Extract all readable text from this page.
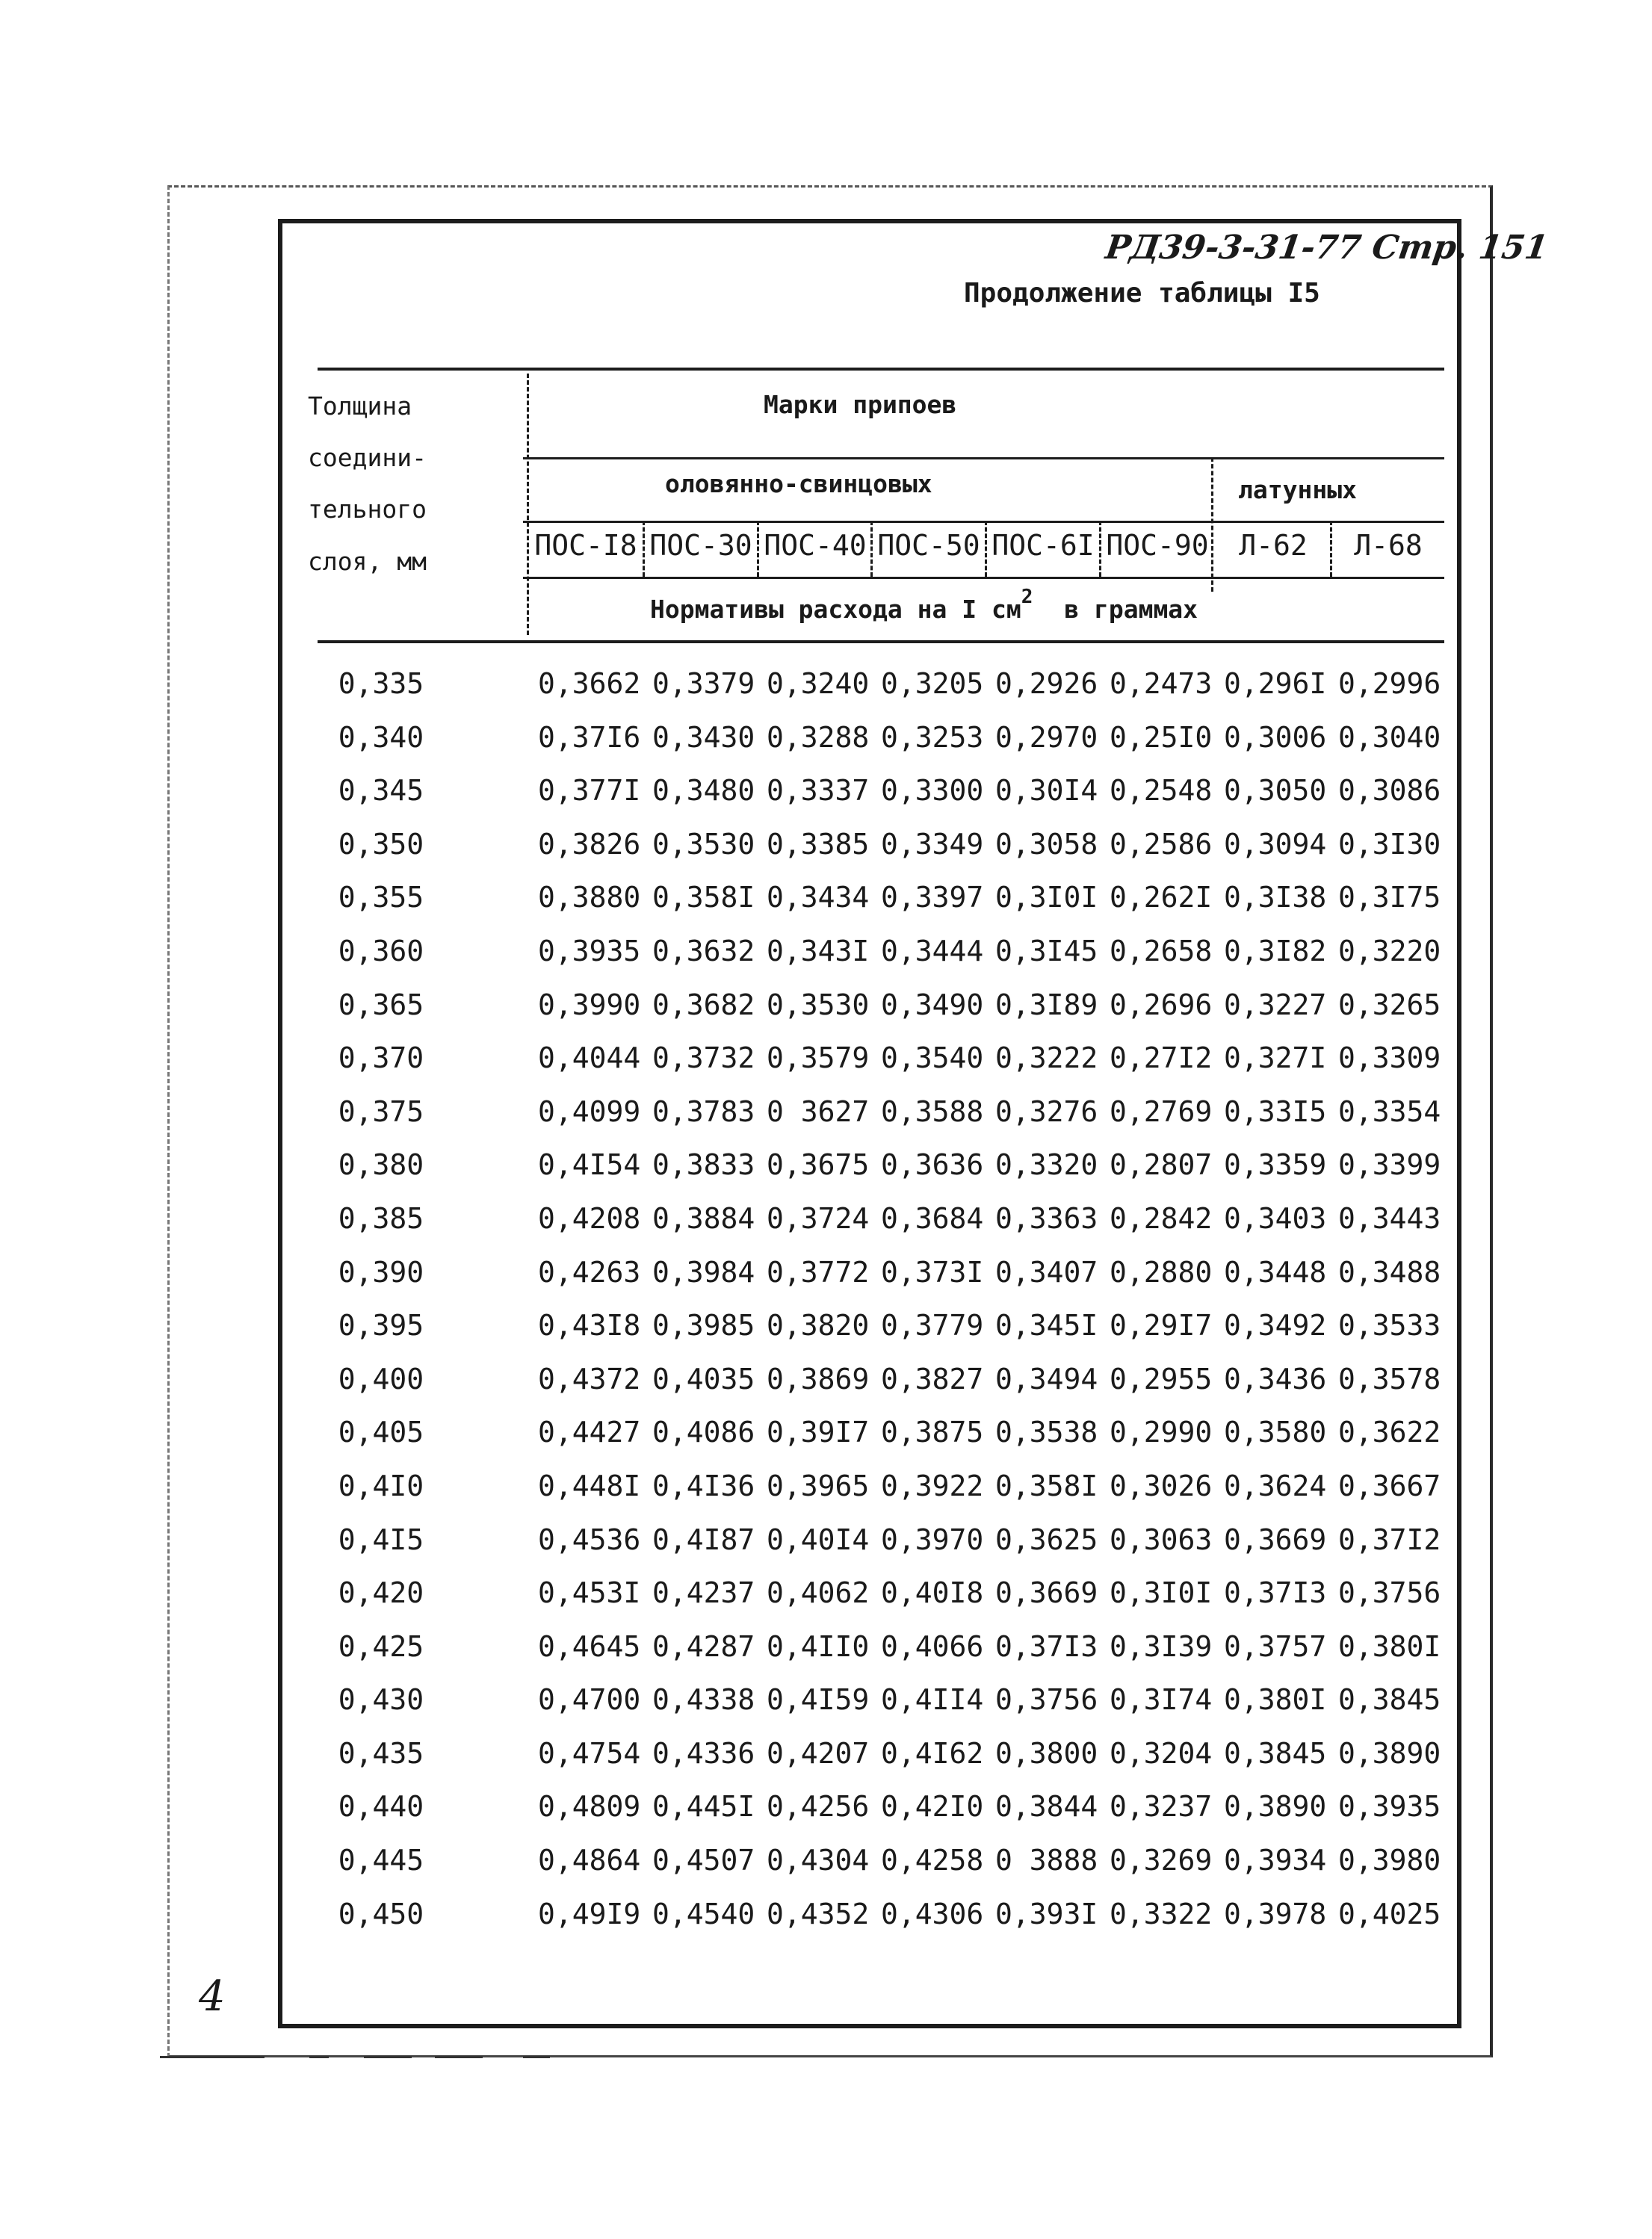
РД39-3-31-77 Стр. 151
Продолжение таблицы I5
Толщина
соедини-
тельного
слоя, мм
Марки припоев
оловянно-свинцовых	латунных
ПОС-I8 ПОС-30 ПОС-40 ПОС-50 ПОС-6I ПОС-90	Л-62	Л-68
Нормативы расхода на I $см^2$ в граммах
0,335	0,3662 0,3379 0,3240 0,3205 0,2926 0,2473 0,296I 0,2996
0,340	0,37I6 0,3430 0,3288 0,3253 0,2970 0,25I0 0,3006 0,3040
0,345	0,377I 0,3480 0,3337 0,3300 0,30I4 0,2548 0,3050 0,3086
0,350	0,3826 0,3530 0,3385 0,3349 0,3058 0,2586 0,3094 0,3I30
0,355	0,3880 0,358I 0,3434 0,3397 0,3I0I 0,262I 0,3I38 0,3I75
0,360	0,3935 0,3632 0,343I 0,3444 0,3I45 0,2658 0,3I82 0,3220
0,365	0,3990 0,3682 0,3530 0,3490 0,3I89 0,2696 0,3227 0,3265
0,370	0,4044 0,3732 0,3579 0,3540 0,3222 0,27I2 0,327I 0,3309
0,375	0,4099 0,3783 0 3627 0,3588 0,3276 0,2769 0,33I5 0,3354
0,380	0,4I54 0,3833 0,3675 0,3636 0,3320 0,2807 0,3359 0,3399
0,385	0,4208 0,3884 0,3724 0,3684 0,3363 0,2842 0,3403 0,3443
0,390	0,4263 0,3984 0,3772 0,373I 0,3407 0,2880 0,3448 0,3488
0,395	0,43I8 0,3985 0,3820 0,3779 0,345I 0,29I7 0,3492 0,3533
0,400	0,4372 0,4035 0,3869 0,3827 0,3494 0,2955 0,3436 0,3578
0,405	0,4427 0,4086 0,39I7 0,3875 0,3538 0,2990 0,3580 0,3622
0,4I0	0,448I 0,4I36 0,3965 0,3922 0,358I 0,3026 0,3624 0,3667
0,4I5	0,4536 0,4I87 0,40I4 0,3970 0,3625 0,3063 0,3669 0,37I2
0,420	0,453I 0,4237 0,4062 0,40I8 0,3669 0,3I0I 0,37I3 0,3756
0,425	0,4645 0,4287 0,4II0 0,4066 0,37I3 0,3I39 0,3757 0,380I
0,430	0,4700 0,4338 0,4I59 0,4II4 0,3756 0,3I74 0,380I 0,3845
0,435	0,4754 0,4336 0,4207 0,4I62 0,3800 0,3204 0,3845 0,3890
0,440	0,4809 0,445I 0,4256 0,42I0 0,3844 0,3237 0,3890 0,3935
0,445	0,4864 0,4507 0,4304 0,4258 0 3888 0,3269 0,3934 0,3980
0,450	0,49I9 0,4540 0,4352 0,4306 0,393I 0,3322 0,3978 0,4025
4
